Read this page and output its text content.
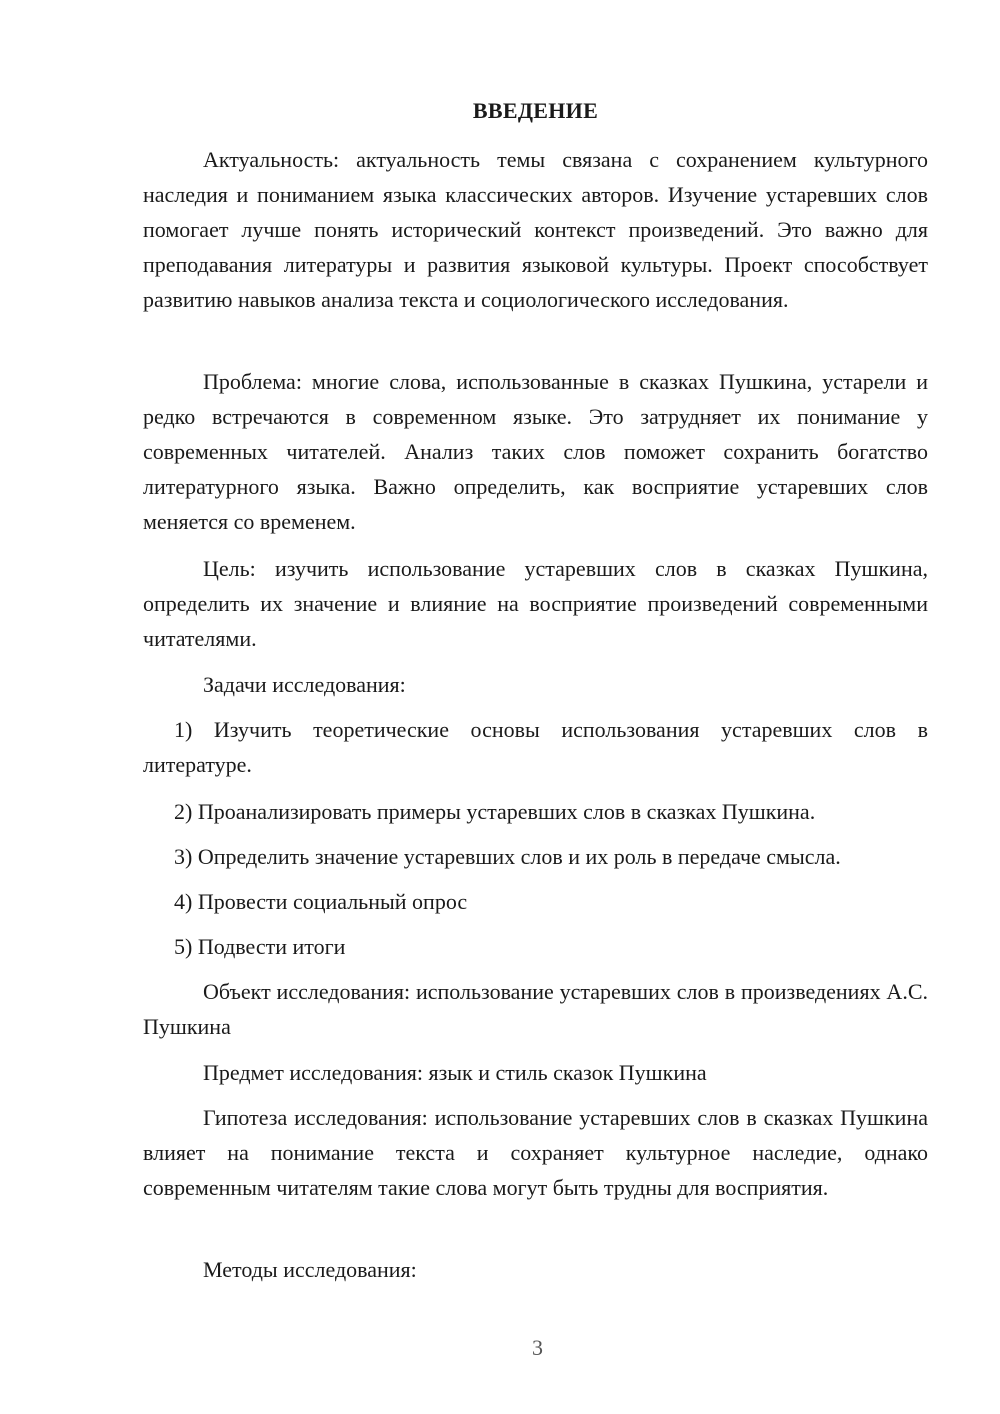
ВВЕДЕНИЕ

Актуальность: актуальность темы связана с сохранением культурного наследия и пониманием языка классических авторов. Изучение устаревших слов помогает лучше понять исторический контекст произведений. Это важно для преподавания литературы и развития языковой культуры. Проект способствует развитию навыков анализа текста и социологического исследования.

Проблема: многие слова, использованные в сказках Пушкина, устарели и редко встречаются в современном языке. Это затрудняет их понимание у современных читателей. Анализ таких слов поможет сохранить богатство литературного языка. Важно определить, как восприятие устаревших слов меняется со временем.

Цель: изучить использование устаревших слов в сказках Пушкина, определить их значение и влияние на восприятие произведений современными читателями.

Задачи исследования:

1) Изучить теоретические основы использования устаревших слов в литературе.

2) Проанализировать примеры устаревших слов в сказках Пушкина.

3) Определить значение устаревших слов и их роль в передаче смысла.

4) Провести социальный опрос

5) Подвести итоги

Объект исследования: использование устаревших слов в произведениях А.С. Пушкина

Предмет исследования: язык и стиль сказок Пушкина

Гипотеза исследования: использование устаревших слов в сказках Пушкина влияет на понимание текста и сохраняет культурное наследие, однако современным читателям такие слова могут быть трудны для восприятия.

Методы исследования:

3
